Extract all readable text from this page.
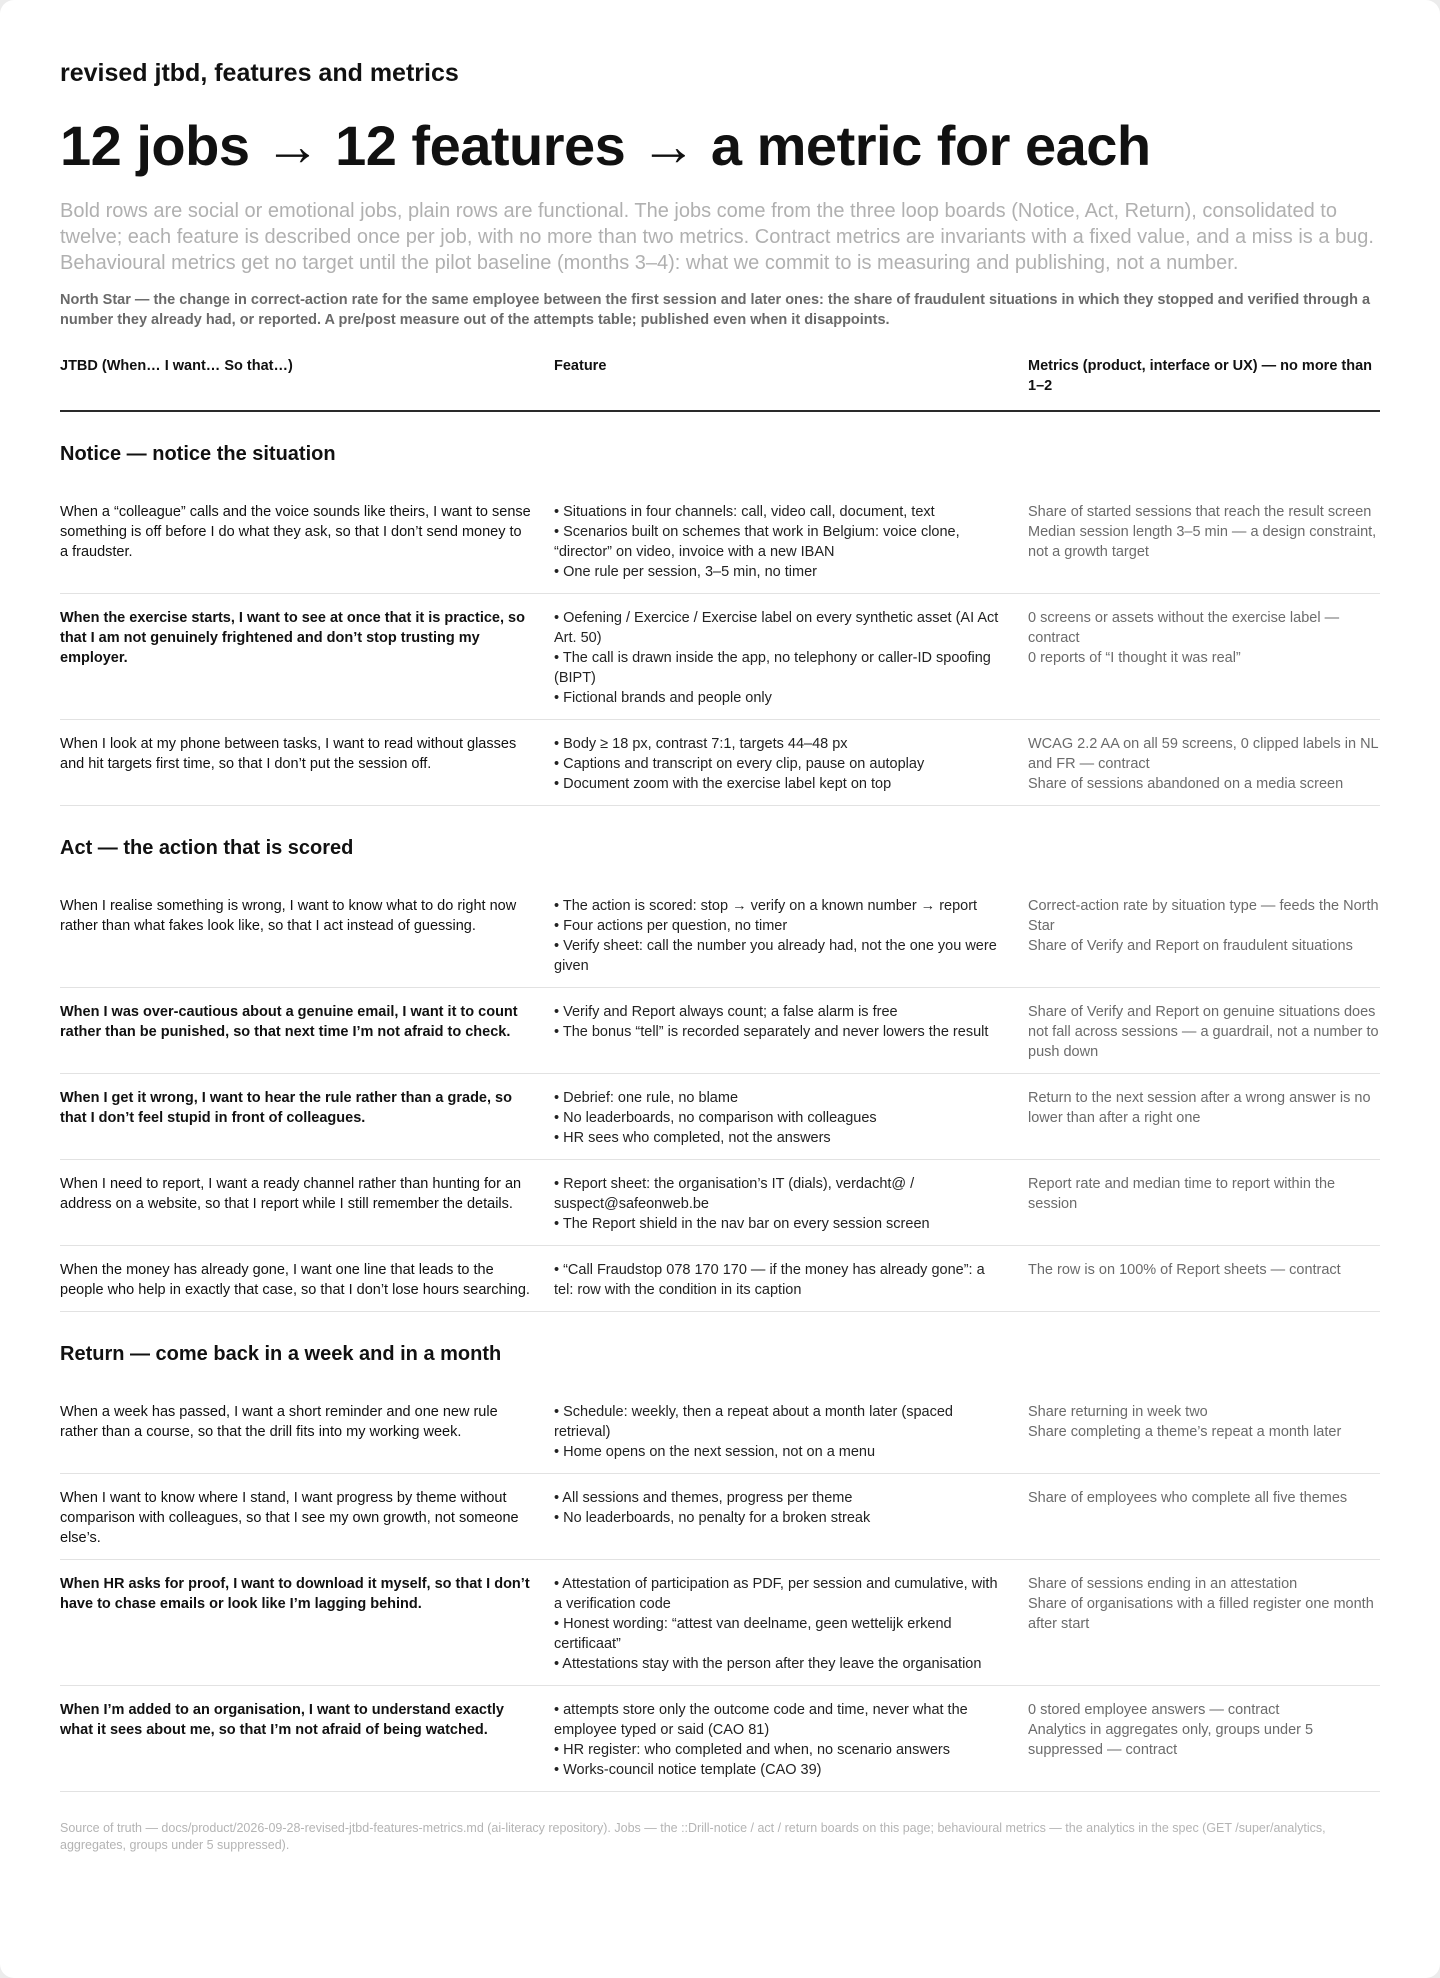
revised jtbd, features and metrics

12 jobs → 12 features → a metric for each

Bold rows are social or emotional jobs, plain rows are functional. The jobs come from the three loop boards (Notice, Act, Return), consolidated to twelve; each feature is described once per job, with no more than two metrics. Contract metrics are invariants with a fixed value, and a miss is a bug. Behavioural metrics get no target until the pilot baseline (months 3–4): what we commit to is measuring and publishing, not a number.

North Star — the change in correct-action rate for the same employee between the first session and later ones: the share of fraudulent situations in which they stopped and verified through a number they already had, or reported. A pre/post measure out of the attempts table; published even when it disappoints.

JTBD (When… I want… So that…)	Feature	Metrics (product, interface or UX) — no more than 1–2
Notice — notice the situation
When a “colleague” calls and the voice sounds like theirs, I want to sense something is off before I do what they ask, so that I don’t send money to a fraudster.
• Situations in four channels: call, video call, document, text
• Scenarios built on schemes that work in Belgium: voice clone, “director” on video, invoice with a new IBAN
• One rule per session, 3–5 min, no timer
Share of started sessions that reach the result screen
Median session length 3–5 min — a design constraint, not a growth target
When the exercise starts, I want to see at once that it is practice, so that I am not genuinely frightened and don’t stop trusting my employer.
• Oefening / Exercice / Exercise label on every synthetic asset (AI Act Art. 50)
• The call is drawn inside the app, no telephony or caller-ID spoofing (BIPT)
• Fictional brands and people only
0 screens or assets without the exercise label — contract
0 reports of “I thought it was real”
When I look at my phone between tasks, I want to read without glasses and hit targets first time, so that I don’t put the session off.
• Body ≥ 18 px, contrast 7:1, targets 44–48 px
• Captions and transcript on every clip, pause on autoplay
• Document zoom with the exercise label kept on top
WCAG 2.2 AA on all 59 screens, 0 clipped labels in NL and FR — contract
Share of sessions abandoned on a media screen
Act — the action that is scored
When I realise something is wrong, I want to know what to do right now rather than what fakes look like, so that I act instead of guessing.
• The action is scored: stop → verify on a known number → report
• Four actions per question, no timer
• Verify sheet: call the number you already had, not the one you were given
Correct-action rate by situation type — feeds the North Star
Share of Verify and Report on fraudulent situations
When I was over-cautious about a genuine email, I want it to count rather than be punished, so that next time I’m not afraid to check.
• Verify and Report always count; a false alarm is free
• The bonus “tell” is recorded separately and never lowers the result
Share of Verify and Report on genuine situations does not fall across sessions — a guardrail, not a number to push down
When I get it wrong, I want to hear the rule rather than a grade, so that I don’t feel stupid in front of colleagues.
• Debrief: one rule, no blame
• No leaderboards, no comparison with colleagues
• HR sees who completed, not the answers
Return to the next session after a wrong answer is no lower than after a right one
When I need to report, I want a ready channel rather than hunting for an address on a website, so that I report while I still remember the details.
• Report sheet: the organisation’s IT (dials), verdacht@ / suspect@safeonweb.be
• The Report shield in the nav bar on every session screen
Report rate and median time to report within the session
When the money has already gone, I want one line that leads to the people who help in exactly that case, so that I don’t lose hours searching.
• “Call Fraudstop 078 170 170 — if the money has already gone”: a tel: row with the condition in its caption
The row is on 100% of Report sheets — contract
Return — come back in a week and in a month
When a week has passed, I want a short reminder and one new rule rather than a course, so that the drill fits into my working week.
• Schedule: weekly, then a repeat about a month later (spaced retrieval)
• Home opens on the next session, not on a menu
Share returning in week two
Share completing a theme’s repeat a month later
When I want to know where I stand, I want progress by theme without comparison with colleagues, so that I see my own growth, not someone else’s.
• All sessions and themes, progress per theme
• No leaderboards, no penalty for a broken streak
Share of employees who complete all five themes
When HR asks for proof, I want to download it myself, so that I don’t have to chase emails or look like I’m lagging behind.
• Attestation of participation as PDF, per session and cumulative, with a verification code
• Honest wording: “attest van deelname, geen wettelijk erkend certificaat”
• Attestations stay with the person after they leave the organisation
Share of sessions ending in an attestation
Share of organisations with a filled register one month after start
When I’m added to an organisation, I want to understand exactly what it sees about me, so that I’m not afraid of being watched.
• attempts store only the outcome code and time, never what the employee typed or said (CAO 81)
• HR register: who completed and when, no scenario answers
• Works-council notice template (CAO 39)
0 stored employee answers — contract
Analytics in aggregates only, groups under 5 suppressed — contract

Source of truth — docs/product/2026-09-28-revised-jtbd-features-metrics.md (ai-literacy repository). Jobs — the ::Drill-notice / act / return boards on this page; behavioural metrics — the analytics in the spec (GET /super/analytics, aggregates, groups under 5 suppressed).
